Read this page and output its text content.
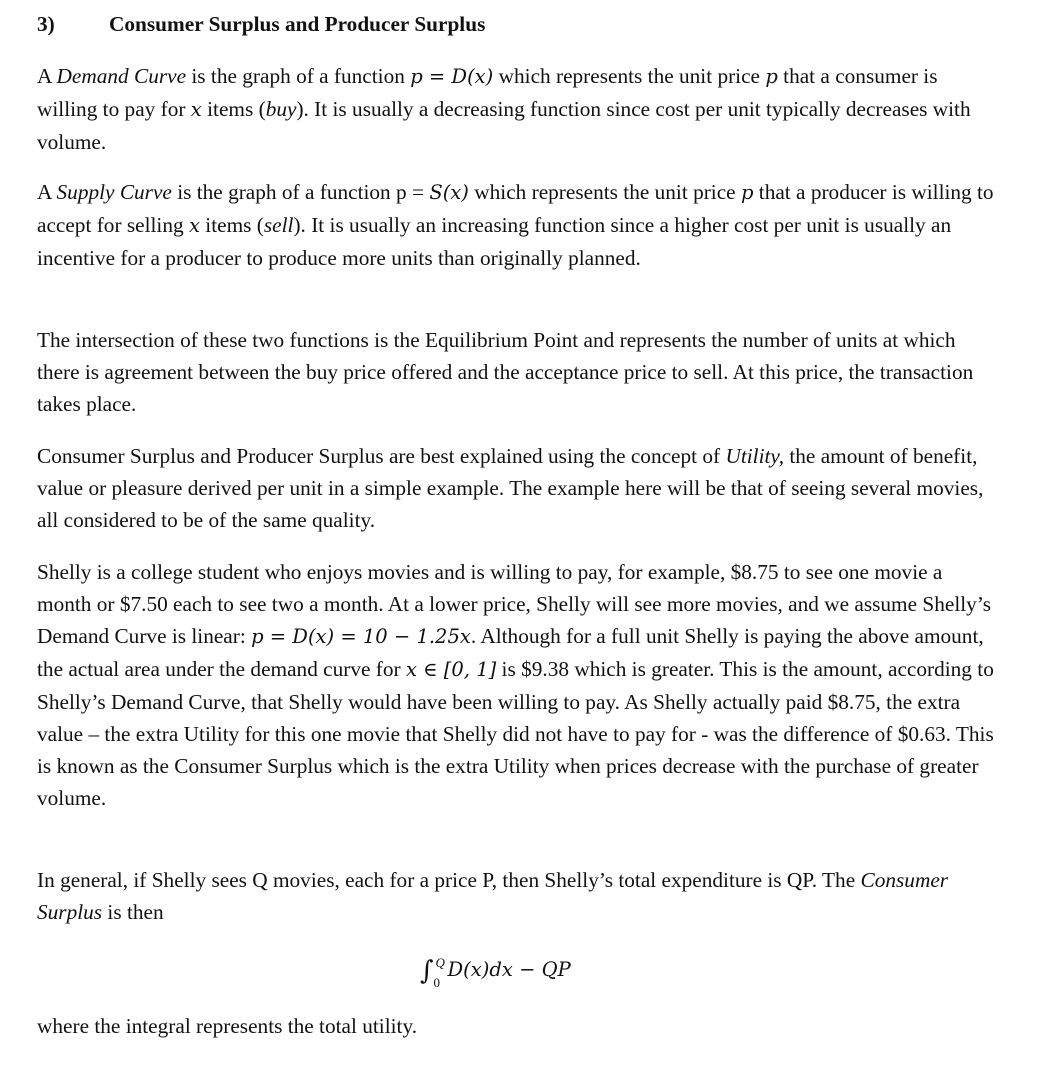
3)	Consumer Surplus and Producer Surplus

A Demand Curve is the graph of a function p = D(x) which represents the unit price p that a consumer is willing to pay for x items (buy). It is usually a decreasing function since cost per unit typically decreases with volume.

A Supply Curve is the graph of a function p = S(x) which represents the unit price p that a producer is willing to accept for selling x items (sell). It is usually an increasing function since a higher cost per unit is usually an incentive for a producer to produce more units than originally planned.

The intersection of these two functions is the Equilibrium Point and represents the number of units at which there is agreement between the buy price offered and the acceptance price to sell. At this price, the transaction takes place.

Consumer Surplus and Producer Surplus are best explained using the concept of Utility, the amount of benefit, value or pleasure derived per unit in a simple example. The example here will be that of seeing several movies, all considered to be of the same quality.

Shelly is a college student who enjoys movies and is willing to pay, for example, $8.75 to see one movie a month or $7.50 each to see two a month. At a lower price, Shelly will see more movies, and we assume Shelly’s Demand Curve is linear: p = D(x) = 10 − 1.25x. Although for a full unit Shelly is paying the above amount, the actual area under the demand curve for x ∈ [0, 1] is $9.38 which is greater. This is the amount, according to Shelly’s Demand Curve, that Shelly would have been willing to pay. As Shelly actually paid $8.75, the extra value – the extra Utility for this one movie that Shelly did not have to pay for - was the difference of $0.63. This is known as the Consumer Surplus which is the extra Utility when prices decrease with the purchase of greater volume.

In general, if Shelly sees Q movies, each for a price P, then Shelly’s total expenditure is QP. The Consumer Surplus is then

∫ Q
0
D(x)dx − QP

where the integral represents the total utility.
